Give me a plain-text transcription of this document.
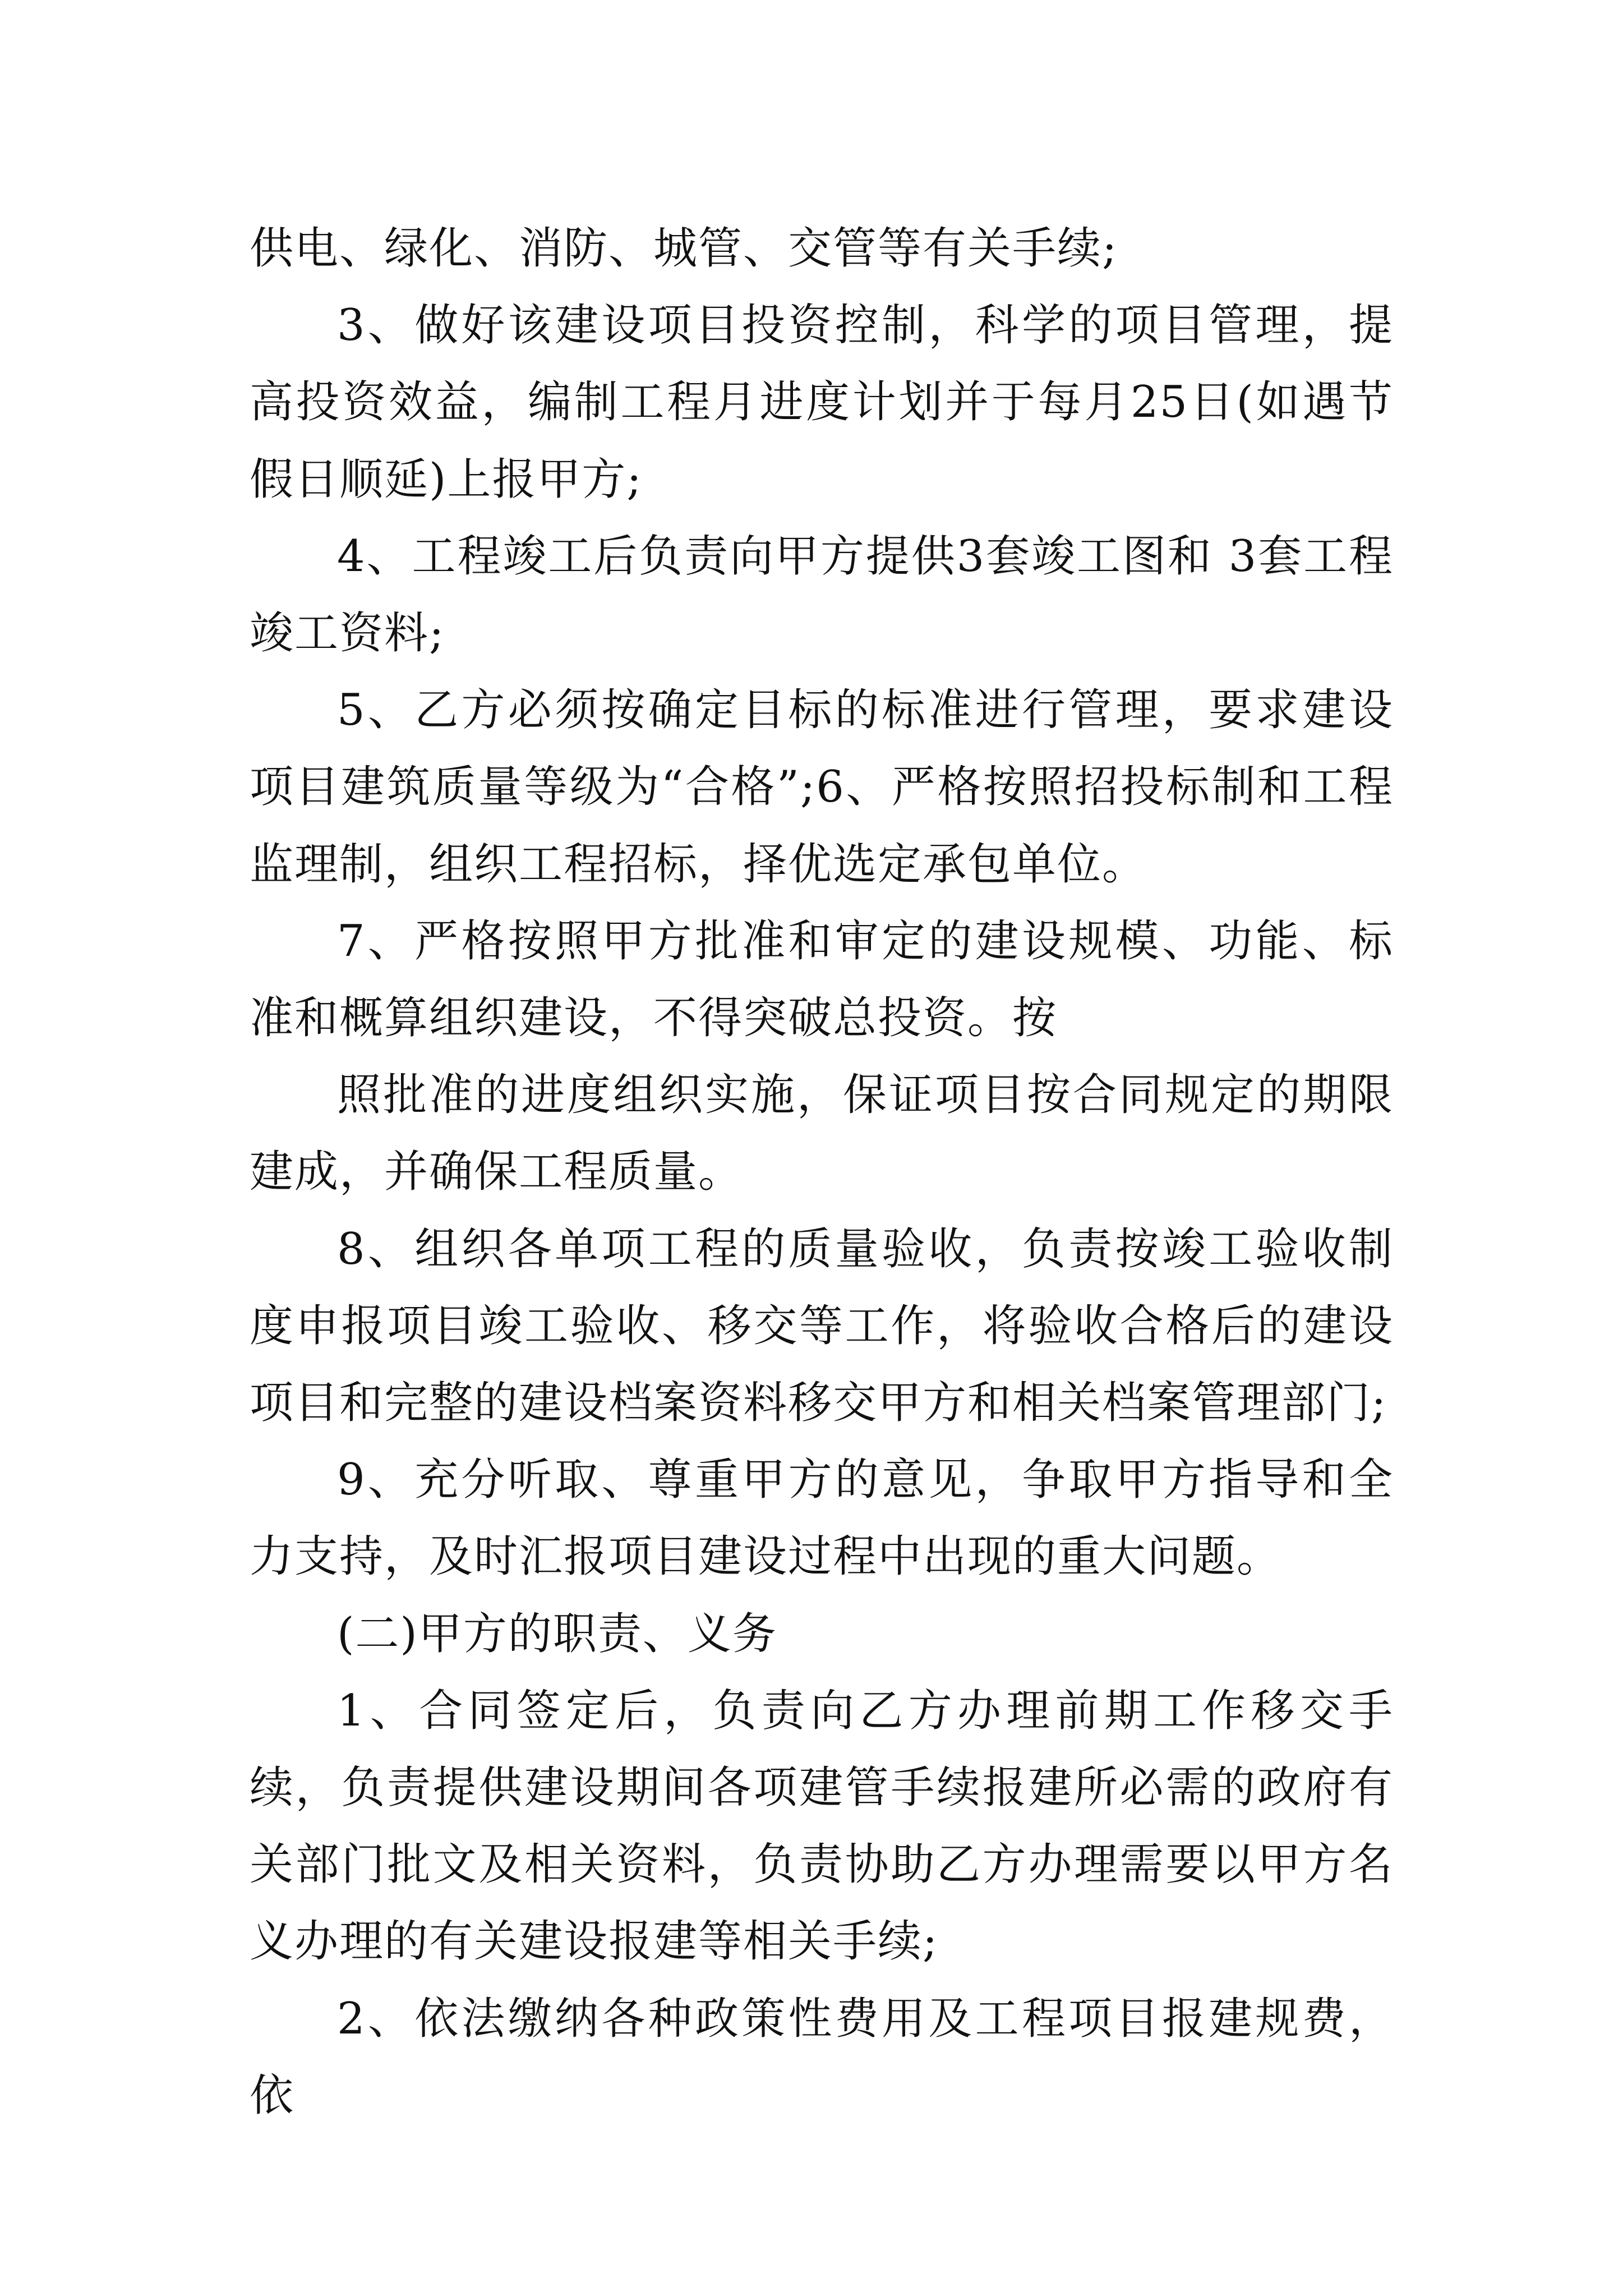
供电、绿化、消防、城管、交管等有关手续;

3、做好该建设项目投资控制，科学的项目管理，提高投资效益，编制工程月进度计划并于每月25日(如遇节假日顺延)上报甲方;

4、工程竣工后负责向甲方提供3套竣工图和 3套工程竣工资料;

5、乙方必须按确定目标的标准进行管理，要求建设项目建筑质量等级为“合格”;6、严格按照招投标制和工程监理制，组织工程招标，择优选定承包单位。

7、严格按照甲方批准和审定的建设规模、功能、标准和概算组织建设，不得突破总投资。按

照批准的进度组织实施，保证项目按合同规定的期限建成，并确保工程质量。

8、组织各单项工程的质量验收，负责按竣工验收制度申报项目竣工验收、移交等工作，将验收合格后的建设项目和完整的建设档案资料移交甲方和相关档案管理部门;

9、充分听取、尊重甲方的意见，争取甲方指导和全力支持，及时汇报项目建设过程中出现的重大问题。

(二)甲方的职责、义务

1、合同签定后，负责向乙方办理前期工作移交手续，负责提供建设期间各项建管手续报建所必需的政府有关部门批文及相关资料，负责协助乙方办理需要以甲方名义办理的有关建设报建等相关手续;

2、依法缴纳各种政策性费用及工程项目报建规费，依
